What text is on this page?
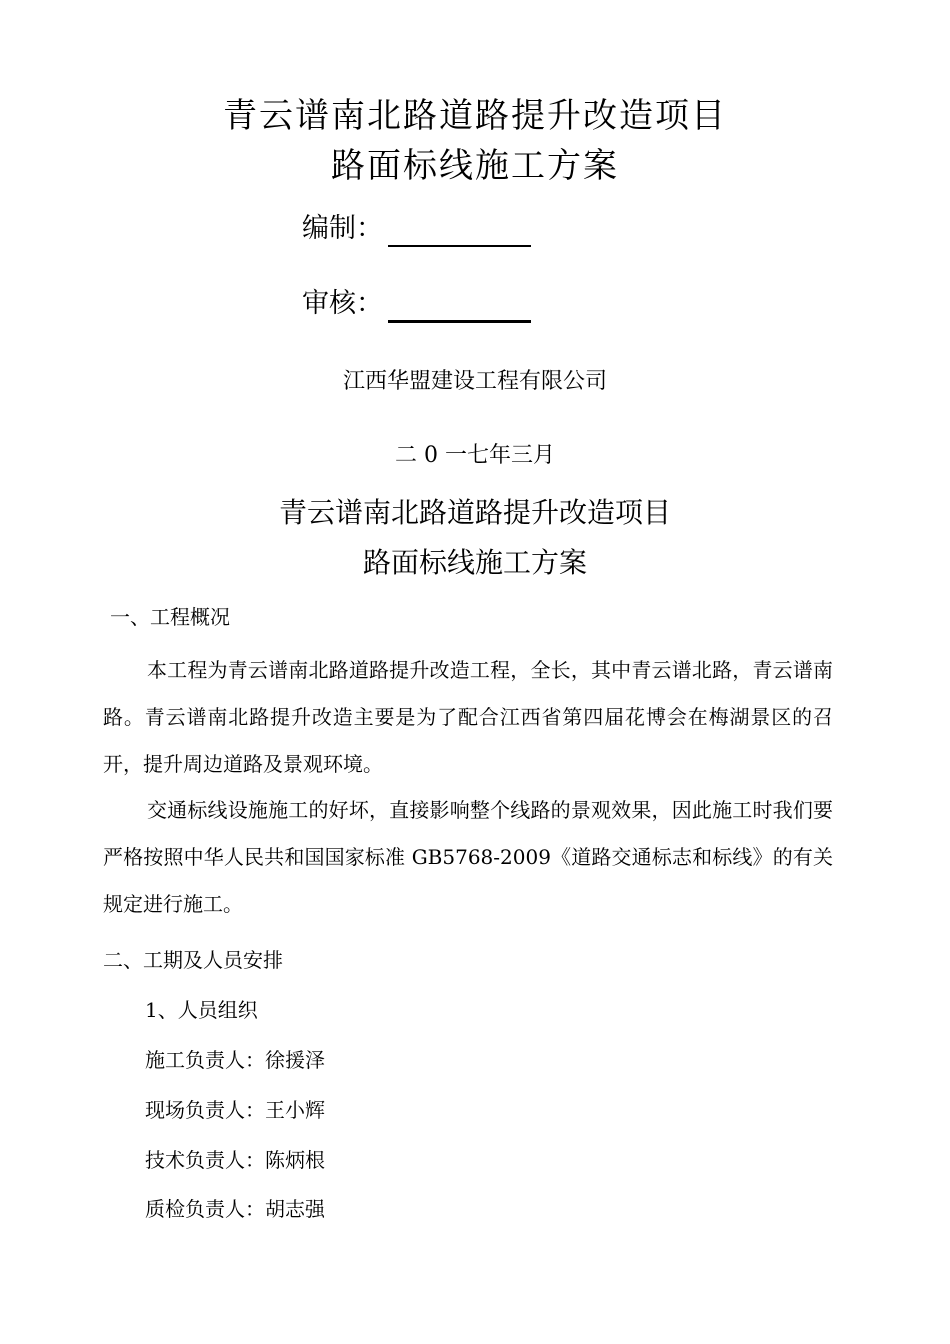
青云谱南北路道路提升改造项目
路面标线施工方案
编制：
审核：
江西华盟建设工程有限公司
二 0 一七年三月
青云谱南北路道路提升改造项目
路面标线施工方案
一、工程概况
本工程为青云谱南北路道路提升改造工程，全长，其中青云谱北路，青云谱南路。青云谱南北路提升改造主要是为了配合江西省第四届花博会在梅湖景区的召开，提升周边道路及景观环境。
交通标线设施施工的好坏，直接影响整个线路的景观效果，因此施工时我们要严格按照中华人民共和国国家标准 GB5768-2009《道路交通标志和标线》的有关规定进行施工。
二、工期及人员安排
1、人员组织
施工负责人：徐援泽
现场负责人：王小辉
技术负责人：陈炳根
质检负责人：胡志强
